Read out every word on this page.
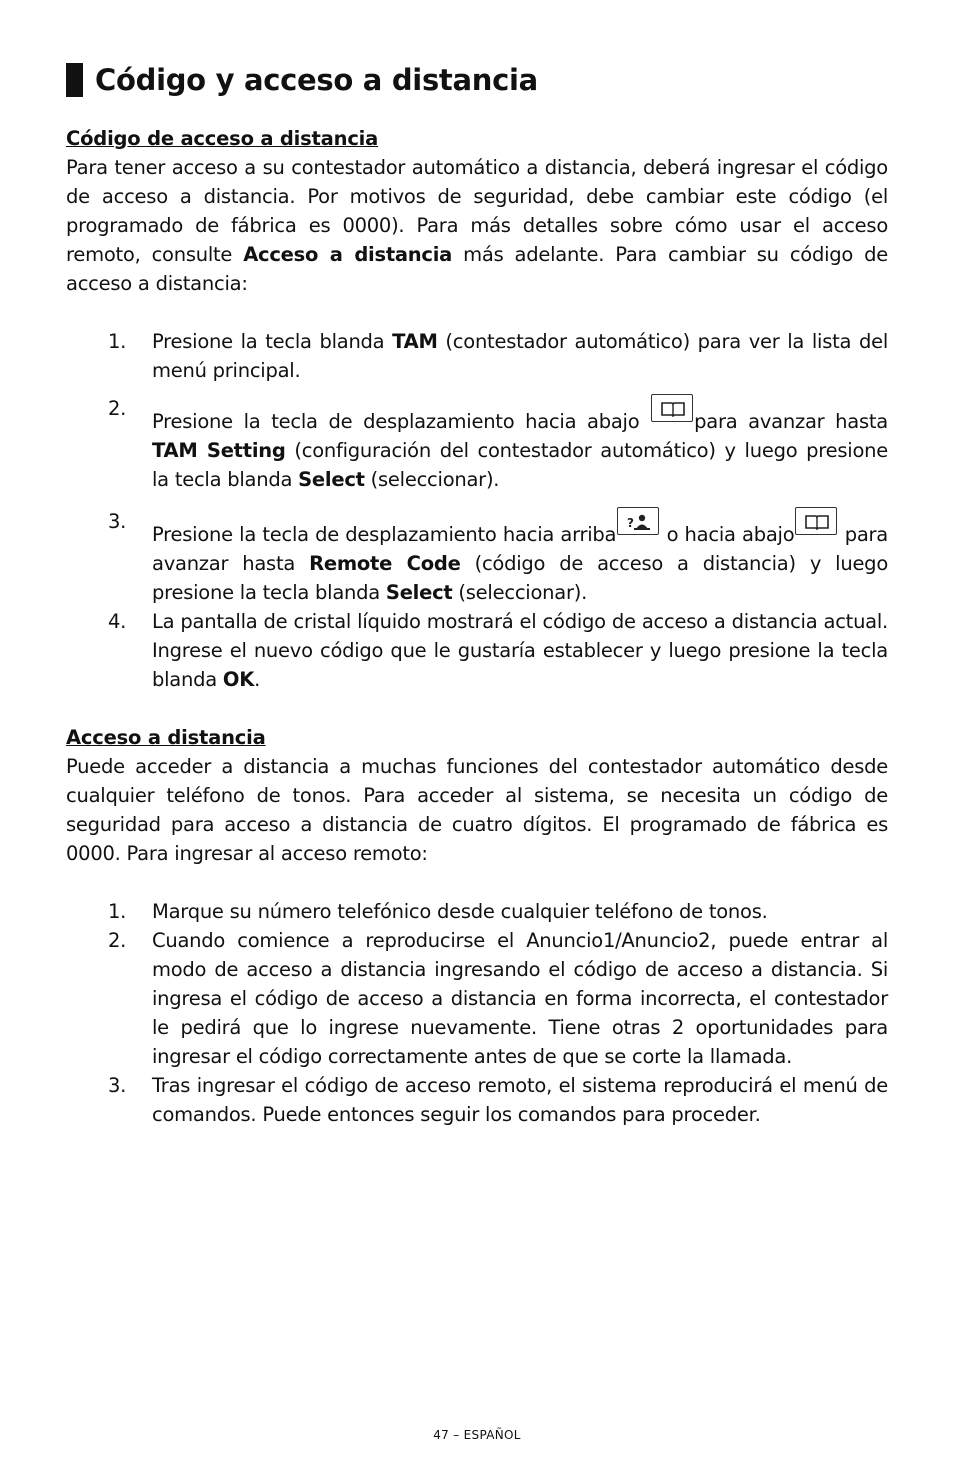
Código y acceso a distancia

Código de acceso a distancia

Para tener acceso a su contestador automático a distancia, deberá ingresar el código de acceso a distancia. Por motivos de seguridad, debe cambiar este código (el programado de fábrica es 0000). Para más detalles sobre cómo usar el acceso remoto, consulte Acceso a distancia más adelante. Para cambiar su código de acceso a distancia:

1. Presione la tecla blanda TAM (contestador automático) para ver la lista del menú principal.
2.
Presione la tecla de desplazamiento hacia abajo
para avanzar hasta TAM Setting (configuración del contestador automático) y luego presione la tecla blanda Select (seleccionar).
3.
Presione la tecla de desplazamiento hacia arriba ? o hacia abajo
para avanzar hasta Remote Code (código de acceso a distancia) y luego presione la tecla blanda Select (seleccionar).
4. La pantalla de cristal líquido mostrará el código de acceso a distancia actual. Ingrese el nuevo código que le gustaría establecer y luego presione la tecla blanda OK.

Acceso a distancia

Puede acceder a distancia a muchas funciones del contestador automático desde cualquier teléfono de tonos. Para acceder al sistema, se necesita un código de seguridad para acceso a distancia de cuatro dígitos. El programado de fábrica es 0000. Para ingresar al acceso remoto:

1. Marque su número telefónico desde cualquier teléfono de tonos.
2. Cuando comience a reproducirse el Anuncio1/Anuncio2, puede entrar al modo de acceso a distancia ingresando el código de acceso a distancia. Si ingresa el código de acceso a distancia en forma incorrecta, el contestador le pedirá que lo ingrese nuevamente. Tiene otras 2 oportunidades para ingresar el código correctamente antes de que se corte la llamada.
3. Tras ingresar el código de acceso remoto, el sistema reproducirá el menú de comandos. Puede entonces seguir los comandos para proceder.
47 – ESPAÑOL
